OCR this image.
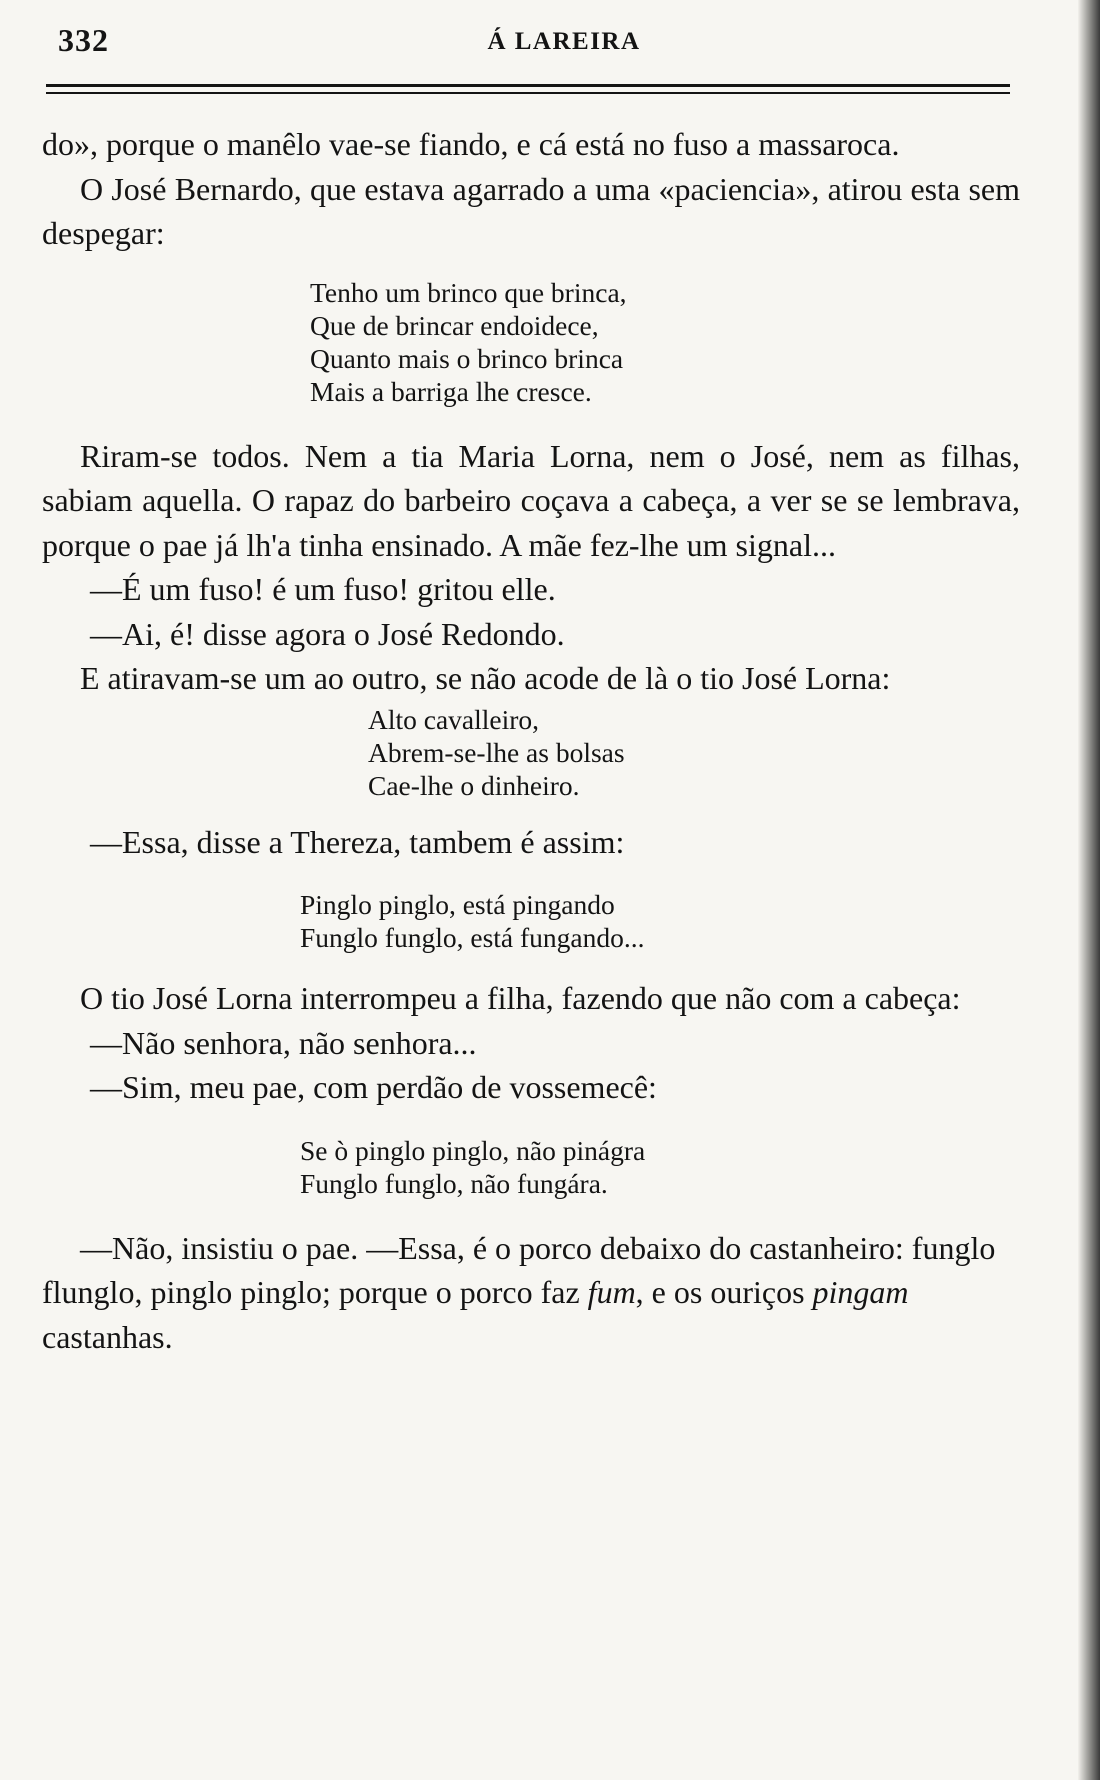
332	Á LAREIRA

do», porque o manêlo vae-se fiando, e cá está no fuso a massaroca.

O José Bernardo, que estava agarrado a uma «paciencia», atirou esta sem despegar:

Tenho um brinco que brinca,
Que de brincar endoidece,
Quanto mais o brinco brinca
Mais a barriga lhe cresce.

Riram-se todos. Nem a tia Maria Lorna, nem o José, nem as filhas, sabiam aquella. O rapaz do barbeiro coçava a cabeça, a ver se se lembrava, porque o pae já lh'a tinha ensinado. A mãe fez-lhe um signal...

—É um fuso! é um fuso! gritou elle.

—Ai, é! disse agora o José Redondo.

E atiravam-se um ao outro, se não acode de là o tio José Lorna:

Alto cavalleiro,
Abrem-se-lhe as bolsas
Cae-lhe o dinheiro.

—Essa, disse a Thereza, tambem é assim:

Pinglo pinglo, está pingando
Funglo funglo, está fungando...

O tio José Lorna interrompeu a filha, fazendo que não com a cabeça:

—Não senhora, não senhora...

—Sim, meu pae, com perdão de vossemecê:

Se ò pinglo pinglo, não pinágra
Funglo funglo, não fungára.

—Não, insistiu o pae. —Essa, é o porco debaixo do castanheiro: funglo flunglo, pinglo pinglo; porque o porco faz fum, e os ouriços pingam castanhas.
